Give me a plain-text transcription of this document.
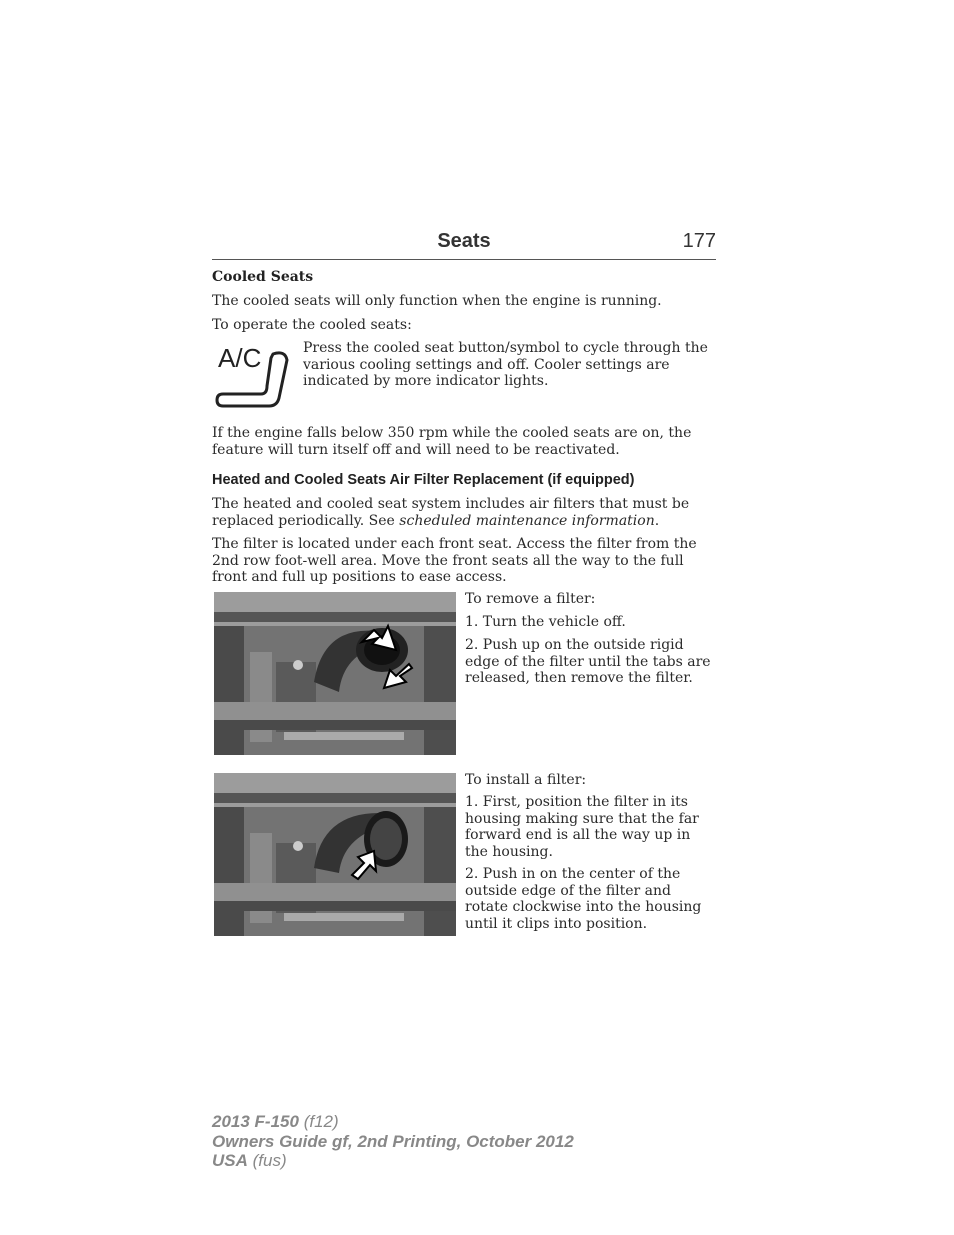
Seats	177
Cooled Seats

The cooled seats will only function when the engine is running.

To operate the cooled seats:

A/C	Press the cooled seat button/symbol to cycle through the various cooling settings and off. Cooler settings are indicated by more indicator lights.

If the engine falls below 350 rpm while the cooled seats are on, the feature will turn itself off and will need to be reactivated.

Heated and Cooled Seats Air Filter Replacement (if equipped)

The heated and cooled seat system includes air filters that must be replaced periodically. See scheduled maintenance information.

The filter is located under each front seat. Access the filter from the 2nd row foot-well area. Move the front seats all the way to the full front and full up positions to ease access.

To remove a filter:

1. Turn the vehicle off.

2. Push up on the outside rigid edge of the filter until the tabs are released, then remove the filter.

To install a filter:

1. First, position the filter in its housing making sure that the far forward end is all the way up in the housing.

2. Push in on the center of the outside edge of the filter and rotate clockwise into the housing until it clips into position.

2013 F-150 (f12)
Owners Guide gf, 2nd Printing, October 2012
USA (fus)
